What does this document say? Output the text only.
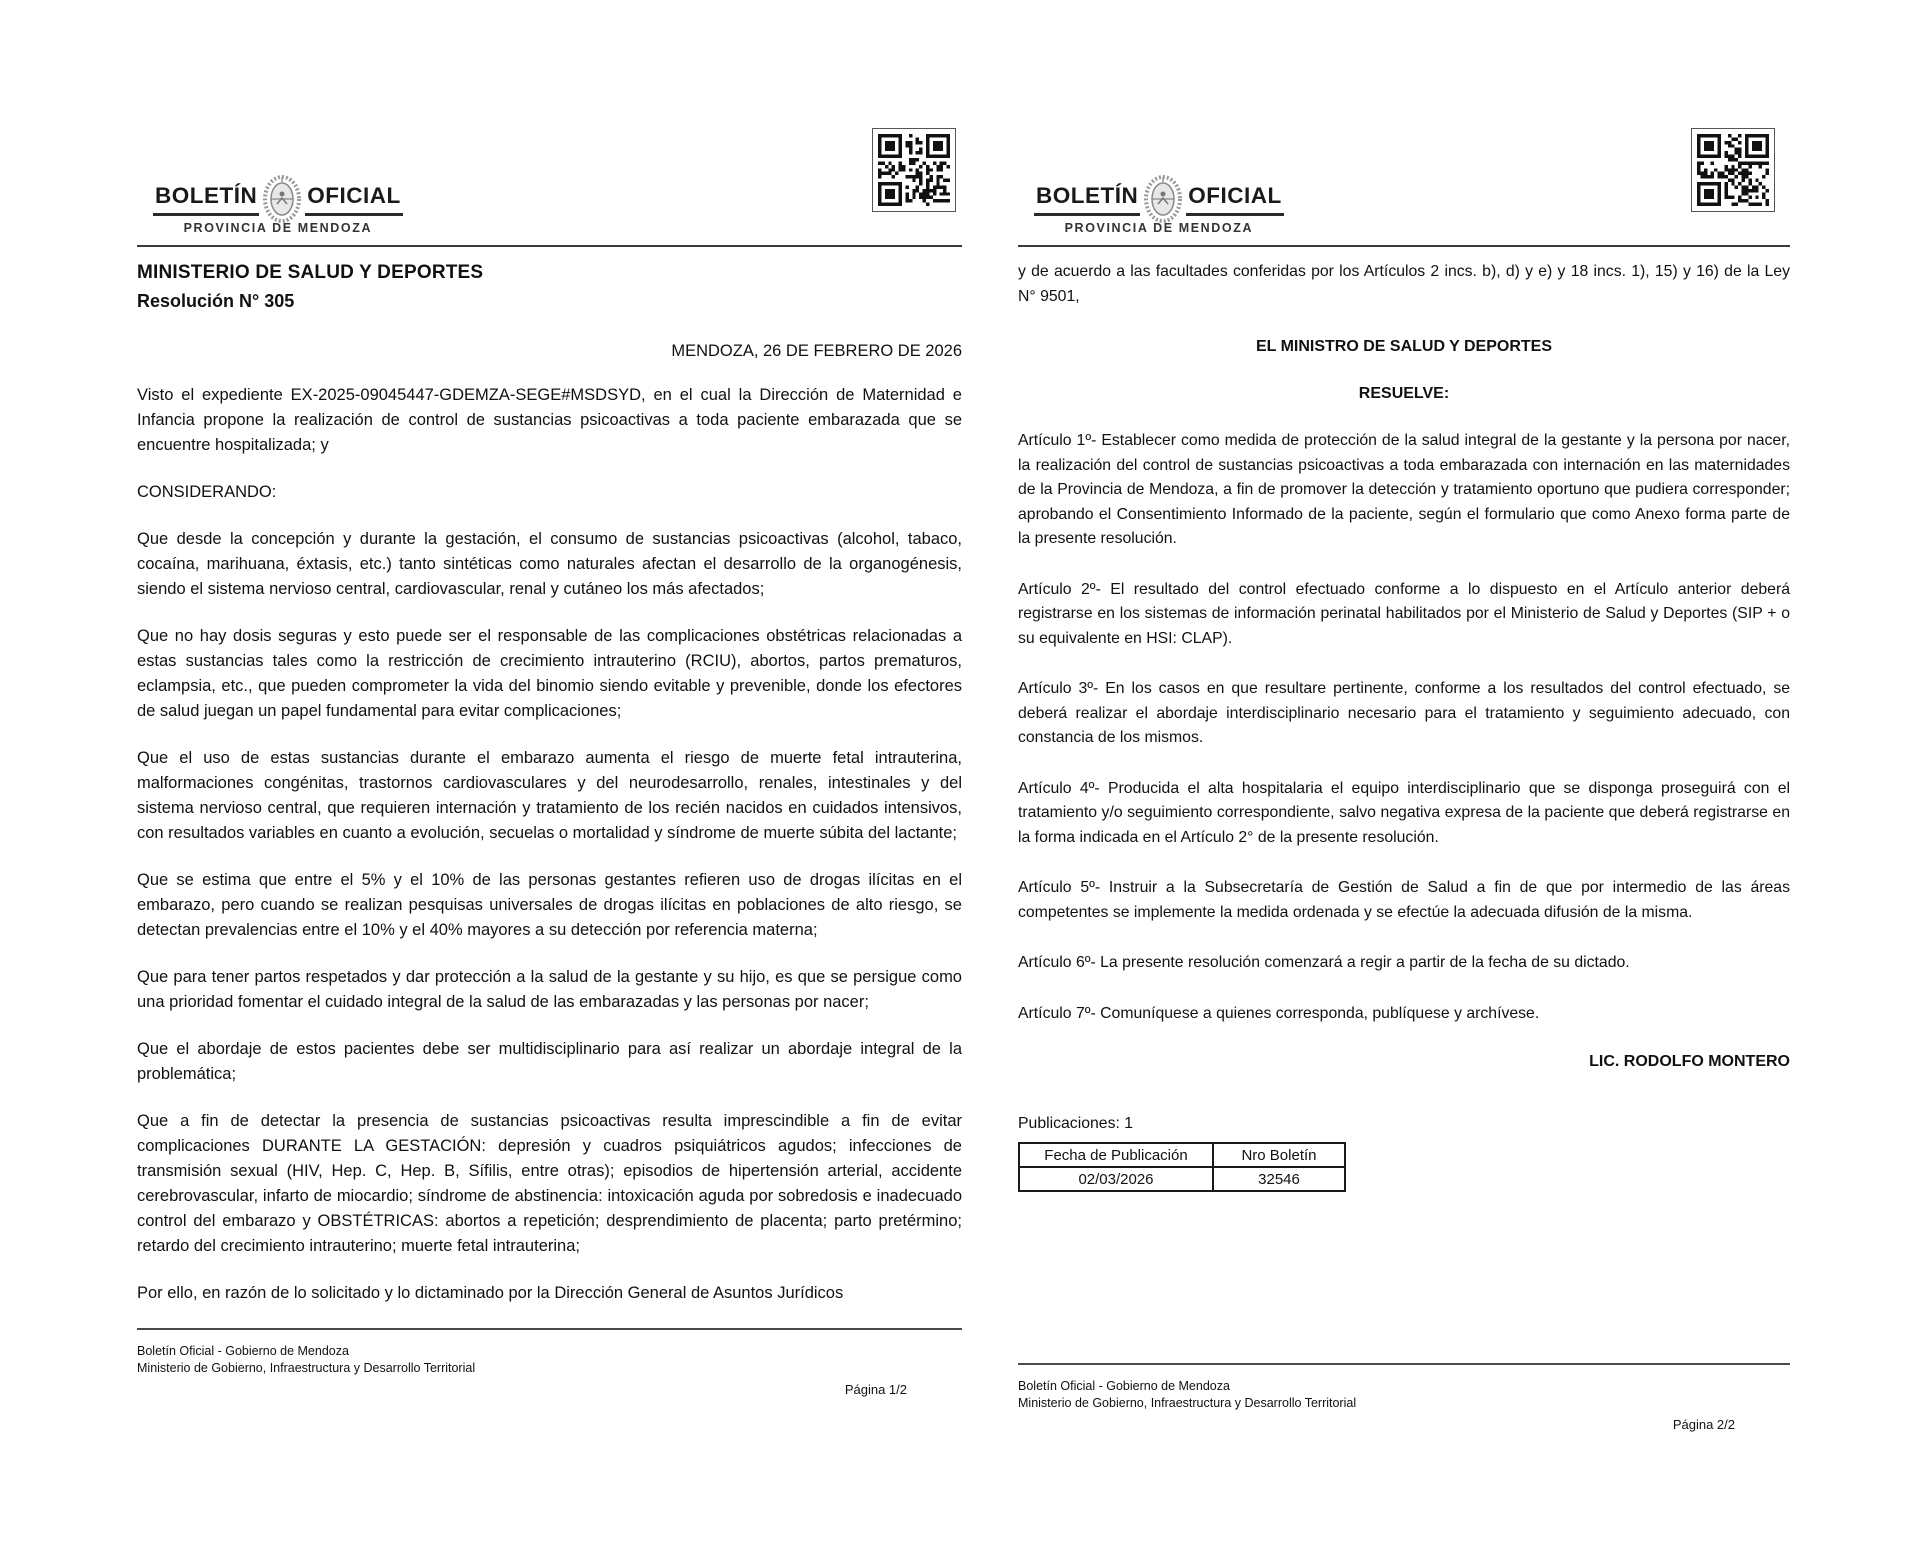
BOLETÍN OFICIAL
PROVINCIA DE MENDOZA
MINISTERIO DE SALUD Y DEPORTES
Resolución N° 305

MENDOZA, 26 DE FEBRERO DE 2026

Visto el expediente EX-2025-09045447-GDEMZA-SEGE#MSDSYD, en el cual la Dirección de Maternidad e Infancia propone la realización de control de sustancias psicoactivas a toda paciente embarazada que se encuentre hospitalizada; y

CONSIDERANDO:

Que desde la concepción y durante la gestación, el consumo de sustancias psicoactivas (alcohol, tabaco, cocaína, marihuana, éxtasis, etc.) tanto sintéticas como naturales afectan el desarrollo de la organogénesis, siendo el sistema nervioso central, cardiovascular, renal y cutáneo los más afectados;

Que no hay dosis seguras y esto puede ser el responsable de las complicaciones obstétricas relacionadas a estas sustancias tales como la restricción de crecimiento intrauterino (RCIU), abortos, partos prematuros, eclampsia, etc., que pueden comprometer la vida del binomio siendo evitable y prevenible, donde los efectores de salud juegan un papel fundamental para evitar complicaciones;

Que el uso de estas sustancias durante el embarazo aumenta el riesgo de muerte fetal intrauterina, malformaciones congénitas, trastornos cardiovasculares y del neurodesarrollo, renales, intestinales y del sistema nervioso central, que requieren internación y tratamiento de los recién nacidos en cuidados intensivos, con resultados variables en cuanto a evolución, secuelas o mortalidad y síndrome de muerte súbita del lactante;

Que se estima que entre el 5% y el 10% de las personas gestantes refieren uso de drogas ilícitas en el embarazo, pero cuando se realizan pesquisas universales de drogas ilícitas en poblaciones de alto riesgo, se detectan prevalencias entre el 10% y el 40% mayores a su detección por referencia materna;

Que para tener partos respetados y dar protección a la salud de la gestante y su hijo, es que se persigue como una prioridad fomentar el cuidado integral de la salud de las embarazadas y las personas por nacer;

Que el abordaje de estos pacientes debe ser multidisciplinario para así realizar un abordaje integral de la problemática;

Que a fin de detectar la presencia de sustancias psicoactivas resulta imprescindible a fin de evitar complicaciones DURANTE LA GESTACIÓN: depresión y cuadros psiquiátricos agudos; infecciones de transmisión sexual (HIV, Hep. C, Hep. B, Sífilis, entre otras); episodios de hipertensión arterial, accidente cerebrovascular, infarto de miocardio; síndrome de abstinencia: intoxicación aguda por sobredosis e inadecuado control del embarazo y OBSTÉTRICAS: abortos a repetición; desprendimiento de placenta; parto pretérmino; retardo del crecimiento intrauterino; muerte fetal intrauterina;

Por ello, en razón de lo solicitado y lo dictaminado por la Dirección General de Asuntos Jurídicos

Boletín Oficial - Gobierno de Mendoza
Ministerio de Gobierno, Infraestructura y Desarrollo Territorial
Página 1/2
BOLETÍN OFICIAL
PROVINCIA DE MENDOZA

y de acuerdo a las facultades conferidas por los Artículos 2 incs. b), d) y e) y 18 incs. 1), 15) y 16) de la Ley N° 9501,

EL MINISTRO DE SALUD Y DEPORTES
RESUELVE:

Artículo 1º- Establecer como medida de protección de la salud integral de la gestante y la persona por nacer, la realización del control de sustancias psicoactivas a toda embarazada con internación en las maternidades de la Provincia de Mendoza, a fin de promover la detección y tratamiento oportuno que pudiera corresponder; aprobando el Consentimiento Informado de la paciente, según el formulario que como Anexo forma parte de la presente resolución.

Artículo 2º- El resultado del control efectuado conforme a lo dispuesto en el Artículo anterior deberá registrarse en los sistemas de información perinatal habilitados por el Ministerio de Salud y Deportes (SIP + o su equivalente en HSI: CLAP).

Artículo 3º- En los casos en que resultare pertinente, conforme a los resultados del control efectuado, se deberá realizar el abordaje interdisciplinario necesario para el tratamiento y seguimiento adecuado, con constancia de los mismos.

Artículo 4º- Producida el alta hospitalaria el equipo interdisciplinario que se disponga proseguirá con el tratamiento y/o seguimiento correspondiente, salvo negativa expresa de la paciente que deberá registrarse en la forma indicada en el Artículo 2° de la presente resolución.

Artículo 5º- Instruir a la Subsecretaría de Gestión de Salud a fin de que por intermedio de las áreas competentes se implemente la medida ordenada y se efectúe la adecuada difusión de la misma.

Artículo 6º- La presente resolución comenzará a regir a partir de la fecha de su dictado.

Artículo 7º- Comuníquese a quienes corresponda, publíquese y archívese.

LIC. RODOLFO MONTERO

Publicaciones: 1

Fecha de Publicación	Nro Boletín
02/03/2026	32546
Boletín Oficial - Gobierno de Mendoza
Ministerio de Gobierno, Infraestructura y Desarrollo Territorial
Página 2/2
